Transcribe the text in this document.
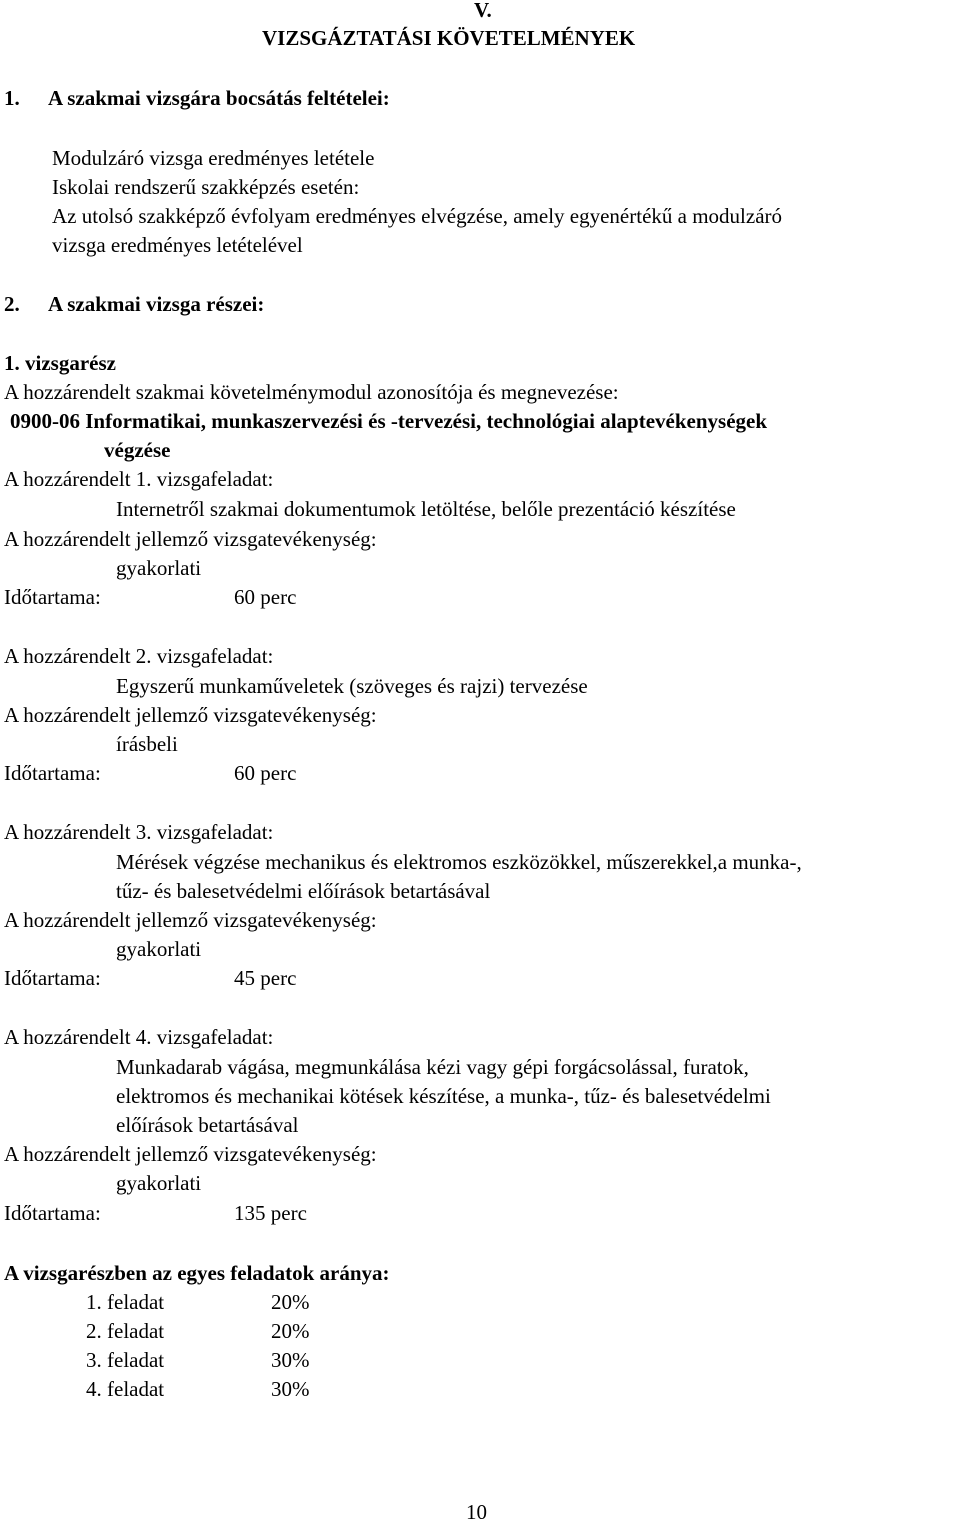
V.
VIZSGÁZTATÁSI KÖVETELMÉNYEK
1. A szakmai vizsgára bocsátás feltételei:
Modulzáró vizsga eredményes letétele
Iskolai rendszerű szakképzés esetén:
Az utolsó szakképző évfolyam eredményes elvégzése, amely egyenértékű a modulzáró
vizsga eredményes letételével
2. A szakmai vizsga részei:
1. vizsgarész
A hozzárendelt szakmai követelménymodul azonosítója és megnevezése:
0900-06 Informatikai, munkaszervezési és -tervezési, technológiai alaptevékenységek
végzése
A hozzárendelt 1. vizsgafeladat:
Internetről szakmai dokumentumok letöltése, belőle prezentáció készítése
A hozzárendelt jellemző vizsgatevékenység:
gyakorlati
Időtartama:	60 perc
A hozzárendelt 2. vizsgafeladat:
Egyszerű munkaműveletek (szöveges és rajzi) tervezése
A hozzárendelt jellemző vizsgatevékenység:
írásbeli
Időtartama:	60 perc
A hozzárendelt 3. vizsgafeladat:
Mérések végzése mechanikus és elektromos eszközökkel, műszerekkel,a munka-,
tűz- és balesetvédelmi előírások betartásával
A hozzárendelt jellemző vizsgatevékenység:
gyakorlati
Időtartama:	45 perc
A hozzárendelt 4. vizsgafeladat:
Munkadarab vágása, megmunkálása kézi vagy gépi forgácsolással, furatok,
elektromos és mechanikai kötések készítése, a munka-, tűz- és balesetvédelmi
előírások betartásával
A hozzárendelt jellemző vizsgatevékenység:
gyakorlati
Időtartama:	135 perc
A vizsgarészben az egyes feladatok aránya:
1. feladat	20%
2. feladat	20%
3. feladat	30%
4. feladat	30%
10
